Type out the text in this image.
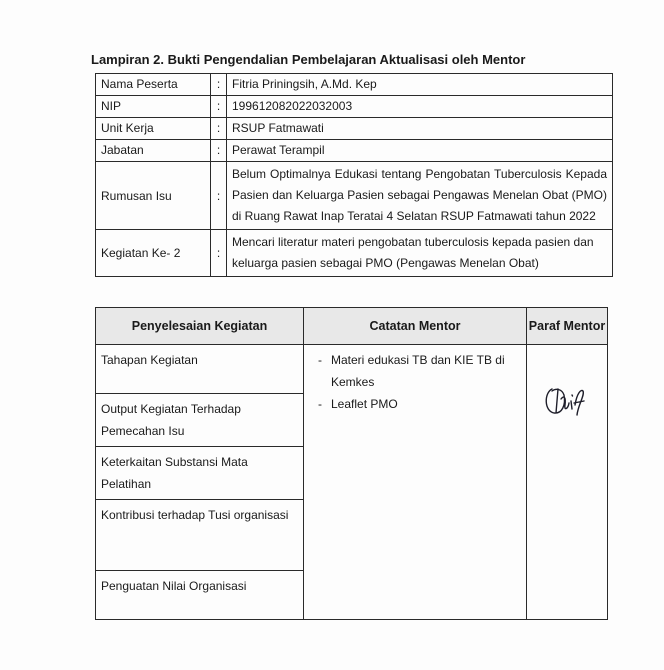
Lampiran 2. Bukti Pengendalian Pembelajaran Aktualisasi oleh Mentor
Nama Peserta	:	Fitria Priningsih, A.Md. Kep
NIP	:	199612082022032003
Unit Kerja	:	RSUP Fatmawati
Jabatan	:	Perawat Terampil
Rumusan Isu	:	Belum Optimalnya Edukasi tentang Pengobatan Tuberculosis Kepada Pasien dan Keluarga Pasien sebagai Pengawas Menelan Obat (PMO) di Ruang Rawat Inap Teratai 4 Selatan RSUP Fatmawati tahun 2022
Kegiatan Ke- 2	:	Mencari literatur materi pengobatan tuberculosis kepada pasien dan keluarga pasien sebagai PMO (Pengawas Menelan Obat)
Penyelesaian Kegiatan	Catatan Mentor	Paraf Mentor
Tahapan Kegiatan	- Materi edukasi TB dan KIE TB di Kemkes
- Leaflet PMO

Output Kegiatan Terhadap Pemecahan Isu		
Keterkaitan Substansi Mata Pelatihan		
Kontribusi terhadap Tusi organisasi		
Penguatan Nilai Organisasi		
